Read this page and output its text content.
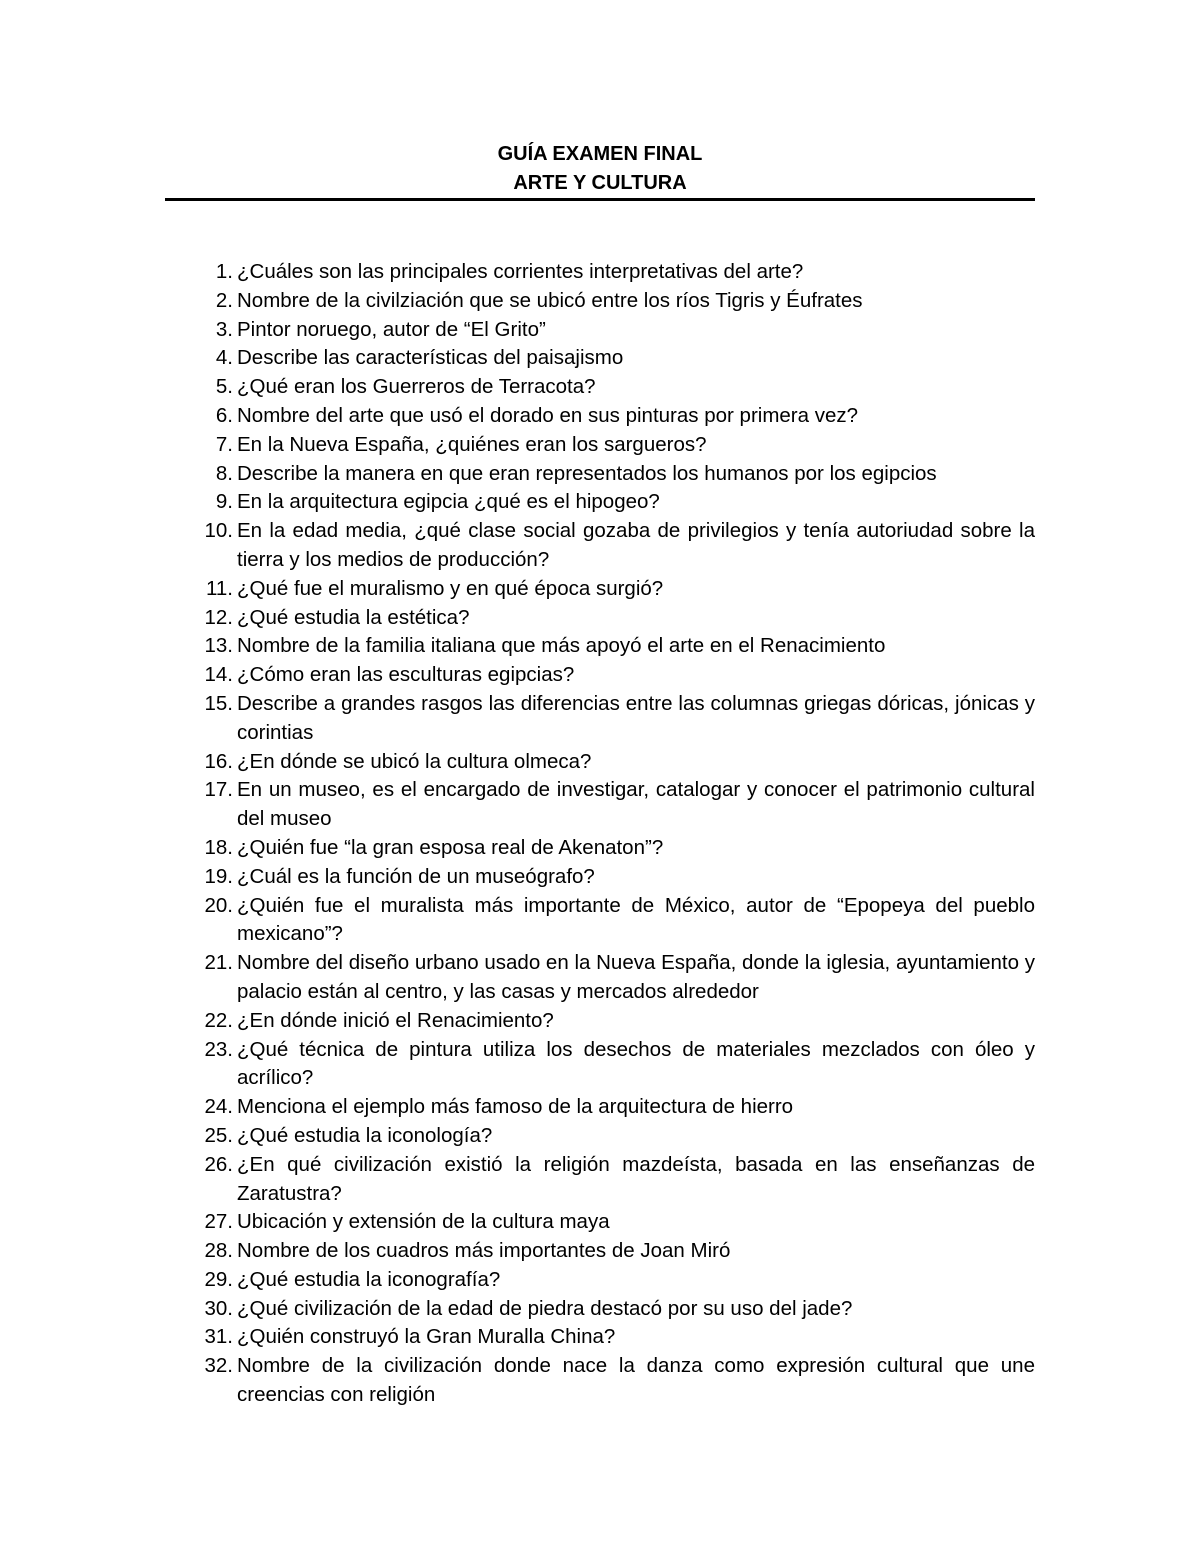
GUÍA EXAMEN FINAL
ARTE Y CULTURA
1. ¿Cuáles son las principales corrientes interpretativas del arte?
2. Nombre de la civilziación que se ubicó entre los ríos Tigris y Éufrates
3. Pintor noruego, autor de “El Grito”
4. Describe las características del paisajismo
5. ¿Qué eran los Guerreros de Terracota?
6. Nombre del arte que usó el dorado en sus pinturas por primera vez?
7. En la Nueva España, ¿quiénes eran los sargueros?
8. Describe la manera en que eran representados los humanos por los egipcios
9. En la arquitectura egipcia ¿qué es el hipogeo?
10. En la edad media, ¿qué clase social gozaba de privilegios y tenía autoriudad sobre la tierra y los medios de producción?
11. ¿Qué fue el muralismo y en qué época surgió?
12. ¿Qué estudia la estética?
13. Nombre de la familia italiana que más apoyó el arte en el Renacimiento
14. ¿Cómo eran las esculturas egipcias?
15. Describe a grandes rasgos las diferencias entre las columnas griegas dóricas, jónicas y corintias
16. ¿En dónde se ubicó la cultura olmeca?
17. En un museo, es el encargado de investigar, catalogar y conocer el patrimonio cultural del museo
18. ¿Quién fue “la gran esposa real de Akenaton”?
19. ¿Cuál es la función de un museógrafo?
20. ¿Quién fue el muralista más importante de México, autor de “Epopeya del pueblo mexicano”?
21. Nombre del diseño urbano usado en la Nueva España, donde la iglesia, ayuntamiento y palacio están al centro, y las casas y mercados alrededor
22. ¿En dónde inició el Renacimiento?
23. ¿Qué técnica de pintura utiliza los desechos de materiales mezclados con óleo y acrílico?
24. Menciona el ejemplo más famoso de la arquitectura de hierro
25. ¿Qué estudia la iconología?
26. ¿En qué civilización existió la religión mazdeísta, basada en las enseñanzas de Zaratustra?
27. Ubicación y extensión de la cultura maya
28. Nombre de los cuadros más importantes de Joan Miró
29. ¿Qué estudia la iconografía?
30. ¿Qué civilización de la edad de piedra destacó por su uso del jade?
31. ¿Quién construyó la Gran Muralla China?
32. Nombre de la civilización donde nace la danza como expresión cultural que une creencias con religión
